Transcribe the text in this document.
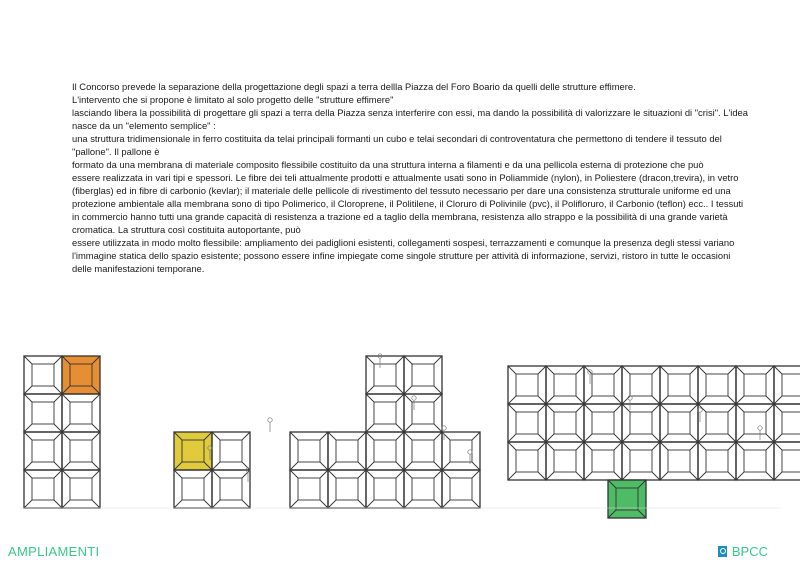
Il Concorso prevede la separazione della progettazione degli spazi a terra dellla Piazza del Foro Boario da quelli delle strutture effimere.

L'intervento che si propone è limitato al solo progetto delle "strutture effimere"

lasciando libera la possibilità di progettare gli spazi a terra della Piazza senza interferire con essi, ma dando la possibilità di valorizzare le situazioni di "crisi". L'idea nasce da un "elemento semplice" :

una struttura tridimensionale in ferro costituita da telai principali formanti un cubo e telai secondari di controventatura che permettono di tendere il tessuto del "pallone". Il pallone è

formato da una membrana di materiale composito flessibile costituito da una struttura interna a filamenti e da una pellicola esterna di protezione che può

essere realizzata in vari tipi e spessori. Le fibre dei teli attualmente prodotti e attualmente usati sono in Poliammide (nylon), in Poliestere (dracon,trevira), in vetro (fiberglas) ed in fibre di carbonio (kevlar); il materiale delle pellicole di rivestimento del tessuto necessario per dare una consistenza strutturale uniforme ed una protezione ambientale alla membrana sono di tipo Polimerico, il Cloroprene, il Politilene, il Cloruro di Polivinile (pvc), il Polifloruro, il Carbonio (teflon) ecc.. I tessuti in commercio hanno tutti una grande capacità di resistenza a trazione ed a taglio della membrana, resistenza allo strappo e la possibilità di una grande varietà cromatica. La struttura così costituita autoportante, può

essere utilizzata in modo molto flessibile: ampliamento dei padiglioni esistenti, collegamenti sospesi, terrazzamenti e comunque la presenza degli stessi variano l'immagine statica dello spazio esistente; possono essere infine impiegate come singole strutture per attività di informazione, servizi, ristoro in tutte le occasioni delle manifestazioni temporane.

AMPLIAMENTI	BPCC
